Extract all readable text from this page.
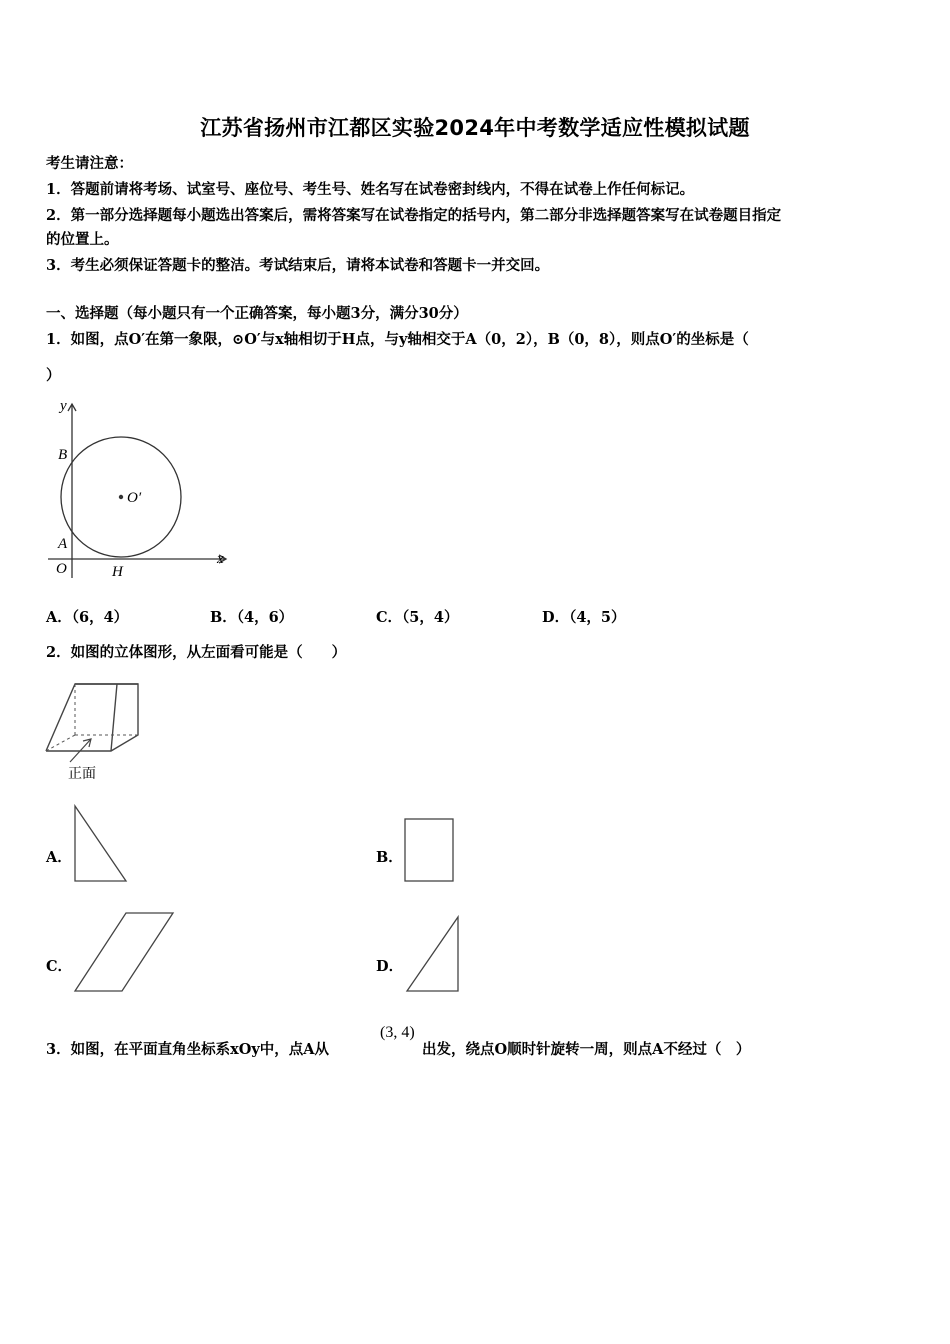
江苏省扬州市江都区实验2024年中考数学适应性模拟试题
考生请注意：
1．答题前请将考场、试室号、座位号、考生号、姓名写在试卷密封线内，不得在试卷上作任何标记。
2．第一部分选择题每小题选出答案后，需将答案写在试卷指定的括号内，第二部分非选择题答案写在试卷题目指定
的位置上。
3．考生必须保证答题卡的整洁。考试结束后，请将本试卷和答题卡一并交回。
一、选择题（每小题只有一个正确答案，每小题3分，满分30分）
1．如图，点O′在第一象限，⊙O′与x轴相切于H点，与y轴相交于A（0，2），B（0，8），则点O′的坐标是（
）
y
x
B
A
O	H
O′
A．（6，4）	B．（4，6）	C．（5，4）	D．（4，5）
2．如图的立体图形，从左面看可能是（　　）
正面
A．	B．
C．	D．
3．如图，在平面直角坐标系xOy中，点A从
(3, 4)
出发，绕点O顺时针旋转一周，则点A不经过（　）
